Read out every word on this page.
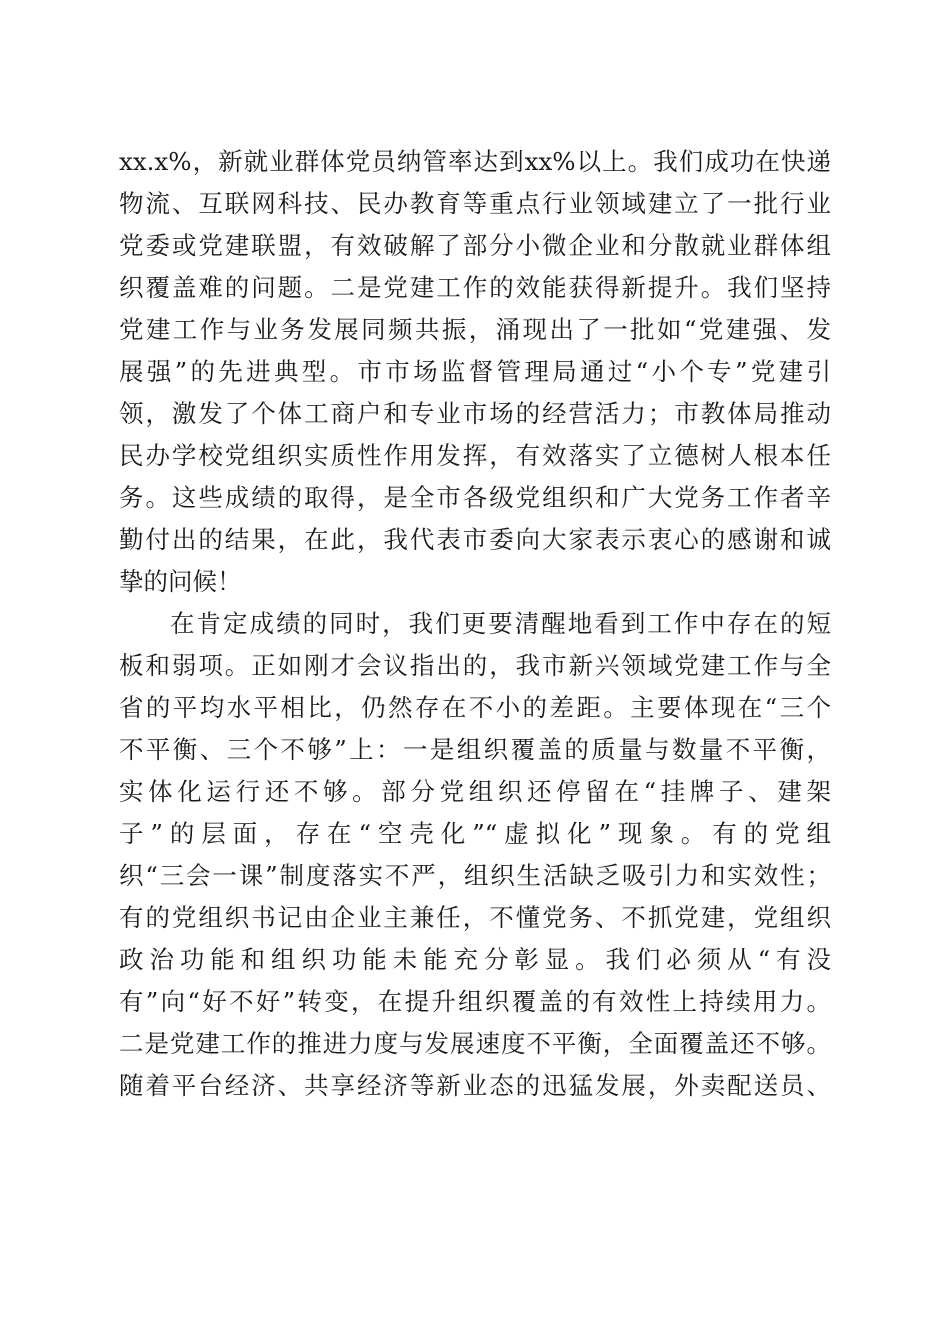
xx.x%，新就业群体党员纳管率达到xx%以上。我们成功在快递
物流、互联网科技、民办教育等重点行业领域建立了一批行业
党委或党建联盟，有效破解了部分小微企业和分散就业群体组
织覆盖难的问题。二是党建工作的效能获得新提升。我们坚持
党建工作与业务发展同频共振，涌现出了一批如“党建强、发
展强”的先进典型。市市场监督管理局通过“小个专”党建引
领，激发了个体工商户和专业市场的经营活力；市教体局推动
民办学校党组织实质性作用发挥，有效落实了立德树人根本任
务。这些成绩的取得，是全市各级党组织和广大党务工作者辛
勤付出的结果，在此，我代表市委向大家表示衷心的感谢和诚
挚的问候！
在肯定成绩的同时，我们更要清醒地看到工作中存在的短
板和弱项。正如刚才会议指出的，我市新兴领域党建工作与全
省的平均水平相比，仍然存在不小的差距。主要体现在“三个
不平衡、三个不够”上：一是组织覆盖的质量与数量不平衡，
实体化运行还不够。部分党组织还停留在“挂牌子、建架
子”的层面，存在“空壳化”“虚拟化”现象。有的党组
织“三会一课”制度落实不严，组织生活缺乏吸引力和实效性；
有的党组织书记由企业主兼任，不懂党务、不抓党建，党组织
政治功能和组织功能未能充分彰显。我们必须从“有没
有”向“好不好”转变，在提升组织覆盖的有效性上持续用力。
二是党建工作的推进力度与发展速度不平衡，全面覆盖还不够。
随着平台经济、共享经济等新业态的迅猛发展，外卖配送员、
